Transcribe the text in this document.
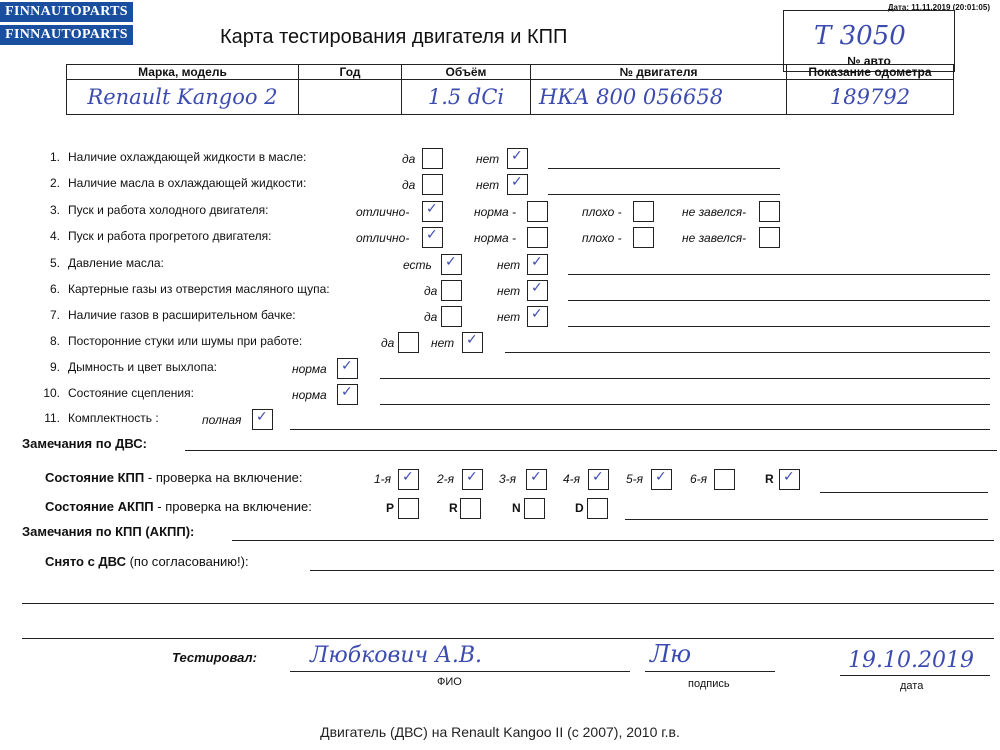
FINNAUTOPARTS
FINNAUTOPARTS
Дата: 11.11.2019 (20:01:05)
Карта тестирования двигателя и КПП	Т 3050
№ авто
Марка, модель	Год	Объём	№ двигателя	Показание одометра
Renault Kangoo 2		1.5 dCi	НКА 800 056658	189792
1. Наличие охлаждающей жидкости в масле:	да	нет ✓
2. Наличие масла в охлаждающей жидкости:	да	нет ✓
3. Пуск и работа холодного двигателя:	отлично- ✓	норма -	плохо -	не завелся-
4. Пуск и работа прогретого двигателя:	отлично- ✓	норма -	плохо -	не завелся-
5. Давление масла:	есть ✓	нет ✓
6. Картерные газы из отверстия масляного щупа:	да	нет ✓
7. Наличие газов в расширительном бачке:	да	нет ✓
8. Посторонние стуки или шумы при работе:	да	нет ✓
9. Дымность и цвет выхлопа:	норма ✓
10. Состояние сцепления:	норма ✓
11. Комплектность :	полная ✓
Замечания по ДВС:
Состояние КПП - проверка на включение:	1-я ✓ 2-я ✓ 3-я ✓ 4-я ✓ 5-я ✓ 6-я	R ✓
Состояние АКПП - проверка на включение:	P	R	N	D
Замечания по КПП (АКПП):
Снято с ДВС (по согласованию!):
Тестировал: Любкович А.В.
ФИО
Лю
подпись
19.10.2019
дата
Двигатель (ДВС) на Renault Kangoo II (с 2007), 2010 г.в.
